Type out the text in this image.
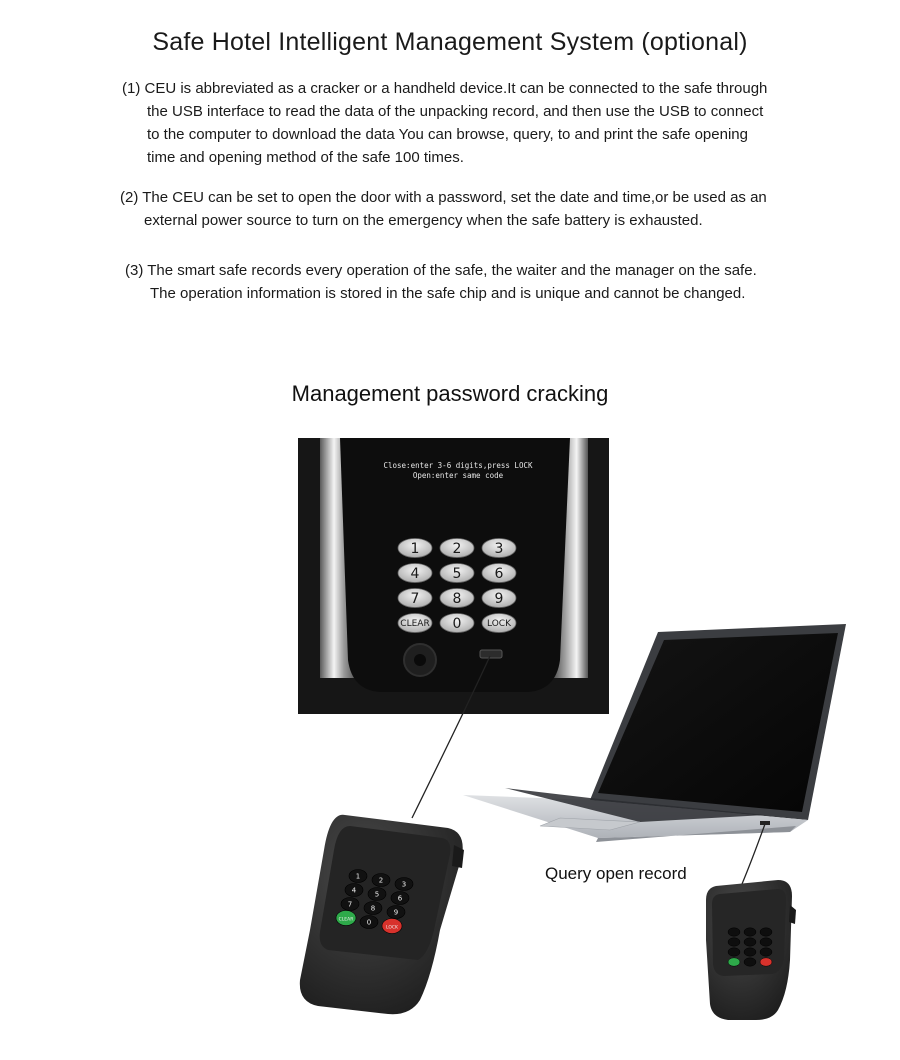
Safe Hotel Intelligent Management System (optional)
(1) CEU is abbreviated as a cracker or a handheld device.It can be connected to the safe through
the USB interface to read the data of the unpacking record, and then use the USB to connect
to the computer to download the data You can browse, query, to and print the safe opening
time and opening method of the safe 100 times.
(2) The CEU can be set to open the door with a password, set the date and time,or be used as an
external power source to turn on the emergency when the safe battery is exhausted.
(3) The smart safe records every operation of the safe, the waiter and the manager on the safe.
The operation information is stored in the safe chip and is unique and cannot be changed.
Management password cracking
Close:enter 3-6 digits,press LOCK
Open:enter same code
1 2 3
4 5 6
7 8 9
CLEAR 0	LOCK
1	2	3
4	5	6
7	8	9
CLEAR 0
LOCK
Query open record
